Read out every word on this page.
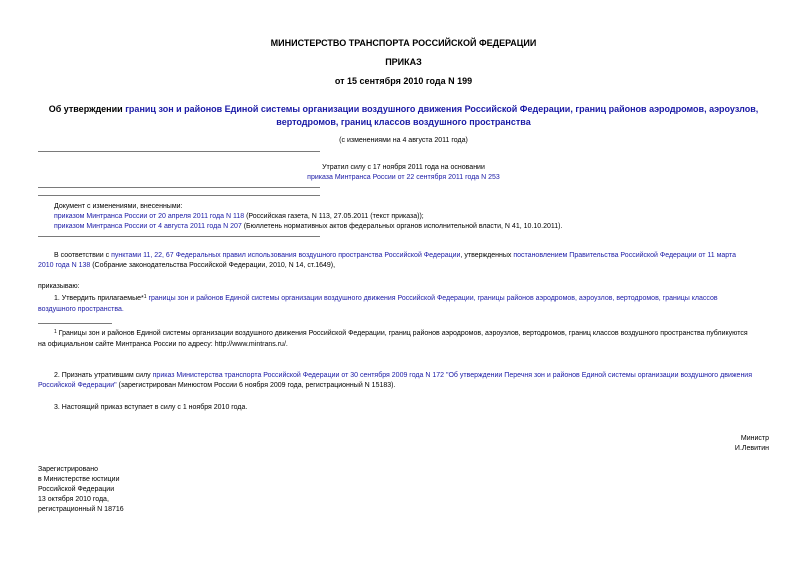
МИНИСТЕРСТВО ТРАНСПОРТА РОССИЙСКОЙ ФЕДЕРАЦИИ
ПРИКАЗ
от 15 сентября 2010 года N 199
Об утверждении границ зон и районов Единой системы организации воздушного движения Российской Федерации, границ районов аэродромов, аэроузлов,
вертодромов, границ классов воздушного пространства
(с изменениями на 4 августа 2011 года)
Утратил силу с 17 ноября 2011 года на основании
приказа Минтранса России от 22 сентября 2011 года N 253
Документ с изменениями, внесенными:
приказом Минтранса России от 20 апреля 2011 года N 118 (Российская газета, N 113, 27.05.2011 (текст приказа));
приказом Минтранса России от 4 августа 2011 года N 207 (Бюллетень нормативных актов федеральных органов исполнительной власти, N 41, 10.10.2011).
В соответствии с пунктами 11, 22, 67 Федеральных правил использования воздушного пространства Российской Федерации, утвержденных постановлением Правительства Российской Федерации от 11 марта
2010 года N 138 (Собрание законодательства Российской Федерации, 2010, N 14, ст.1649),
приказываю:
1. Утвердить прилагаемые*$^1$ границы зон и районов Единой системы организации воздушного движения Российской Федерации, границы районов аэродромов, аэроузлов, вертодромов, границы классов
воздушного пространства.
$^1$ Границы зон и районов Единой системы организации воздушного движения Российской Федерации, границ районов аэродромов, аэроузлов, вертодромов, границ классов воздушного пространства публикуются
на официальном сайте Минтранса России по адресу: http://www.mintrans.ru/.
2. Признать утратившим силу приказ Министерства транспорта Российской Федерации от 30 сентября 2009 года N 172 "Об утверждении Перечня зон и районов Единой системы организации воздушного движения
Российской Федерации" (зарегистрирован Минюстом России 6 ноября 2009 года, регистрационный N 15183).
3. Настоящий приказ вступает в силу с 1 ноября 2010 года.
Министр
И.Левитин
Зарегистрировано
в Министерстве юстиции
Российской Федерации
13 октября 2010 года,
регистрационный N 18716
